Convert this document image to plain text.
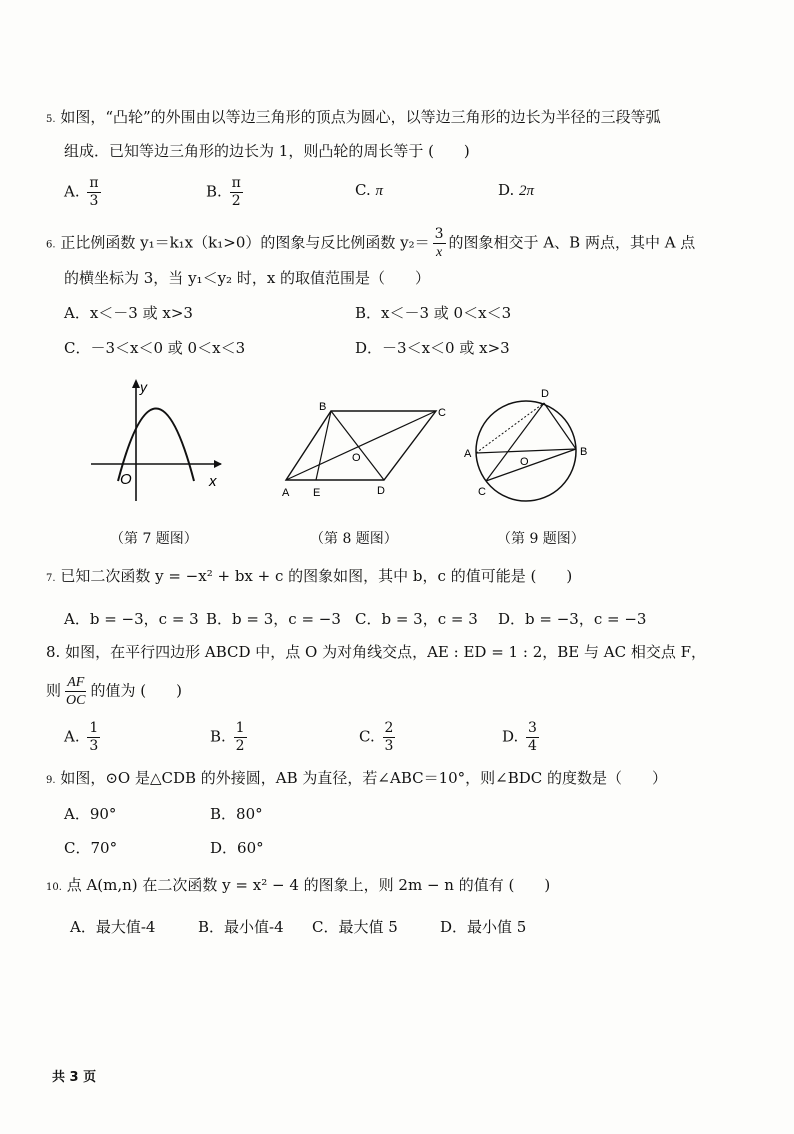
5. 如图，“凸轮”的外围由以等边三角形的顶点为圆心，以等边三角形的边长为半径的三段等弧
组成．已知等边三角形的边长为 1，则凸轮的周长等于 (　　)
A. $\frac{\pi}{3}$	B. $\frac{\pi}{2}$	C. π	D. 2π
6. 正比例函数 y₁＝k₁x（k₁>0）的图象与反比例函数 $y_2= \frac{3}{x}$ 的图象相交于 A、B 两点，其中 A 点
的横坐标为 3，当 y₁＜y₂ 时，x 的取值范围是（　　）
A．x＜－3 或 x>3	B．x＜－3 或 0＜x＜3
C．－3＜x＜0 或 0＜x＜3	D．－3＜x＜0 或 x>3
y
x
O
A
B	C
D
E
O
D
A	B
C
O
（第 7 题图）	（第 8 题图）	（第 9 题图）
7. 已知二次函数 y = −x² + bx + c 的图象如图，其中 b，c 的值可能是 (　　)
A．b = −3，c = 3 B．b = 3，c = −3 C．b = 3，c = 3 D．b = −3，c = −3
8. 如图，在平行四边形 ABCD 中，点 O 为对角线交点，AE : ED = 1 : 2，BE 与 AC 相交点 F，
则 $\frac{AF}{OC}$ 的值为 (　　)
A. $\frac{1}{3}$	B. $\frac{1}{2}$	C. $\frac{2}{3}$	D. $\frac{3}{4}$
9. 如图，⊙O 是△CDB 的外接圆，AB 为直径，若∠ABC＝10°，则∠BDC 的度数是（　　）
A．90°	B．80°
C．70°	D．60°
10. 点 A(m,n) 在二次函数 y = x² − 4 的图象上，则 2m − n 的值有 (　　)
A．最大值-4	B．最小值-4 C．最大值 5	D．最小值 5
共 3 页
